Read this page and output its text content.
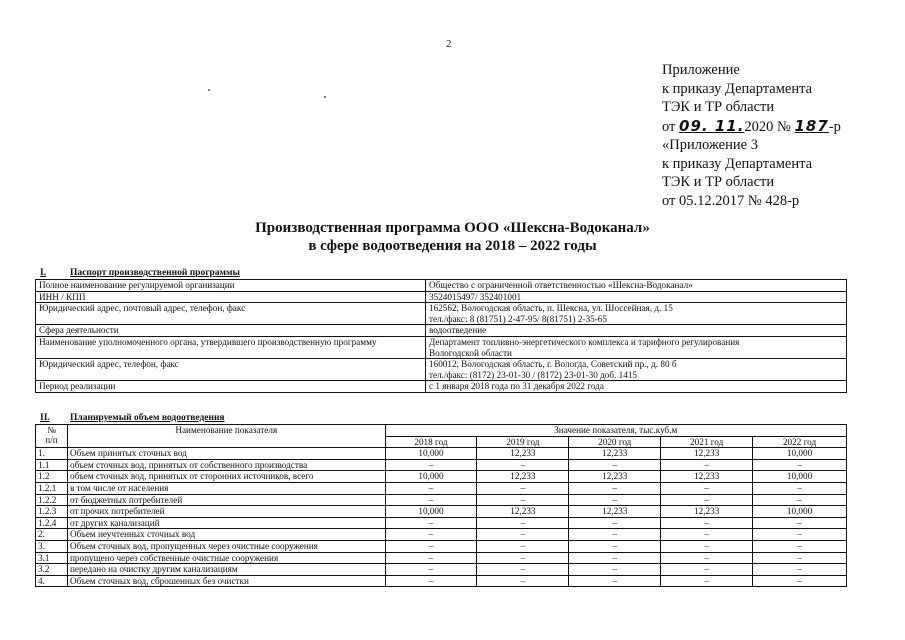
2
Приложение
к приказу Департамента
ТЭК и ТР области
от 09. 11.2020 № 187-р
«Приложение 3
к приказу Департамента
ТЭК и ТР области
от 05.12.2017 № 428-р
Производственная программа ООО «Шексна-Водоканал»
в сфере водоотведения на 2018 – 2022 годы
I.	Паспорт производственной программы
Полное наименование регулируемой организации	Общество с ограниченной ответственностью «Шексна-Водоканал»

ИНН / КПП	3524015497/ 352401001

Юридический адрес, почтовый адрес, телефон, факс	162562, Вологодская область, п. Шексна, ул. Шоссейная, д. 15
тел./факс: 8 (81751) 2-47-95/ 8(81751) 2-35-65

Сфера деятельности	водоотведение

Наименование уполномоченного органа, утвердившего производственную программу	Департамент топливно-энергетического комплекса и тарифного регулирования
Вологодской области

Юридический адрес, телефон, факс	160012, Вологодская область, г. Вологда, Советский пр., д. 80 б
тел./факс: (8172) 23-01-30 / (8172) 23-01-30 доб. 1415

Период реализации	с 1 января 2018 года по 31 декабря 2022 года
II. Планируемый объем водоотведения
№
п/п	Наименование показателя	Значение показателя, тыс.куб.м				
		2018 год	2019 год	2020 год	2021 год	2022 год
1.	Объем принятых сточных вод	10,000	12,233	12,233	12,233	10,000
1.1	объем сточных вод, принятых от собственного производства	–	–	–	–	–
1.2	объем сточных вод, принятых от сторонних источников, всего	10,000	12,233	12,233	12,233	10,000
1.2.1	в том числе от населения	–	–	–	–	–
1.2.2	от бюджетных потребителей	–	–	–	–	–
1.2.3	от прочих потребителей	10,000	12,233	12,233	12,233	10,000
1.2.4	от других канализаций	–	–	–	–	–
2.	Объем неучтенных сточных вод	–	–	–	–	–
3.	Объем сточных вод, пропущенных через очистные сооружения	–	–	–	–	–
3.1	пропущено через собственные очистные сооружения	–	–	–	–	–
3.2	передано на очистку другим канализациям	–	–	–	–	–
4.	Объем сточных вод, сброшенных без очистки	–	–	–	–	–
